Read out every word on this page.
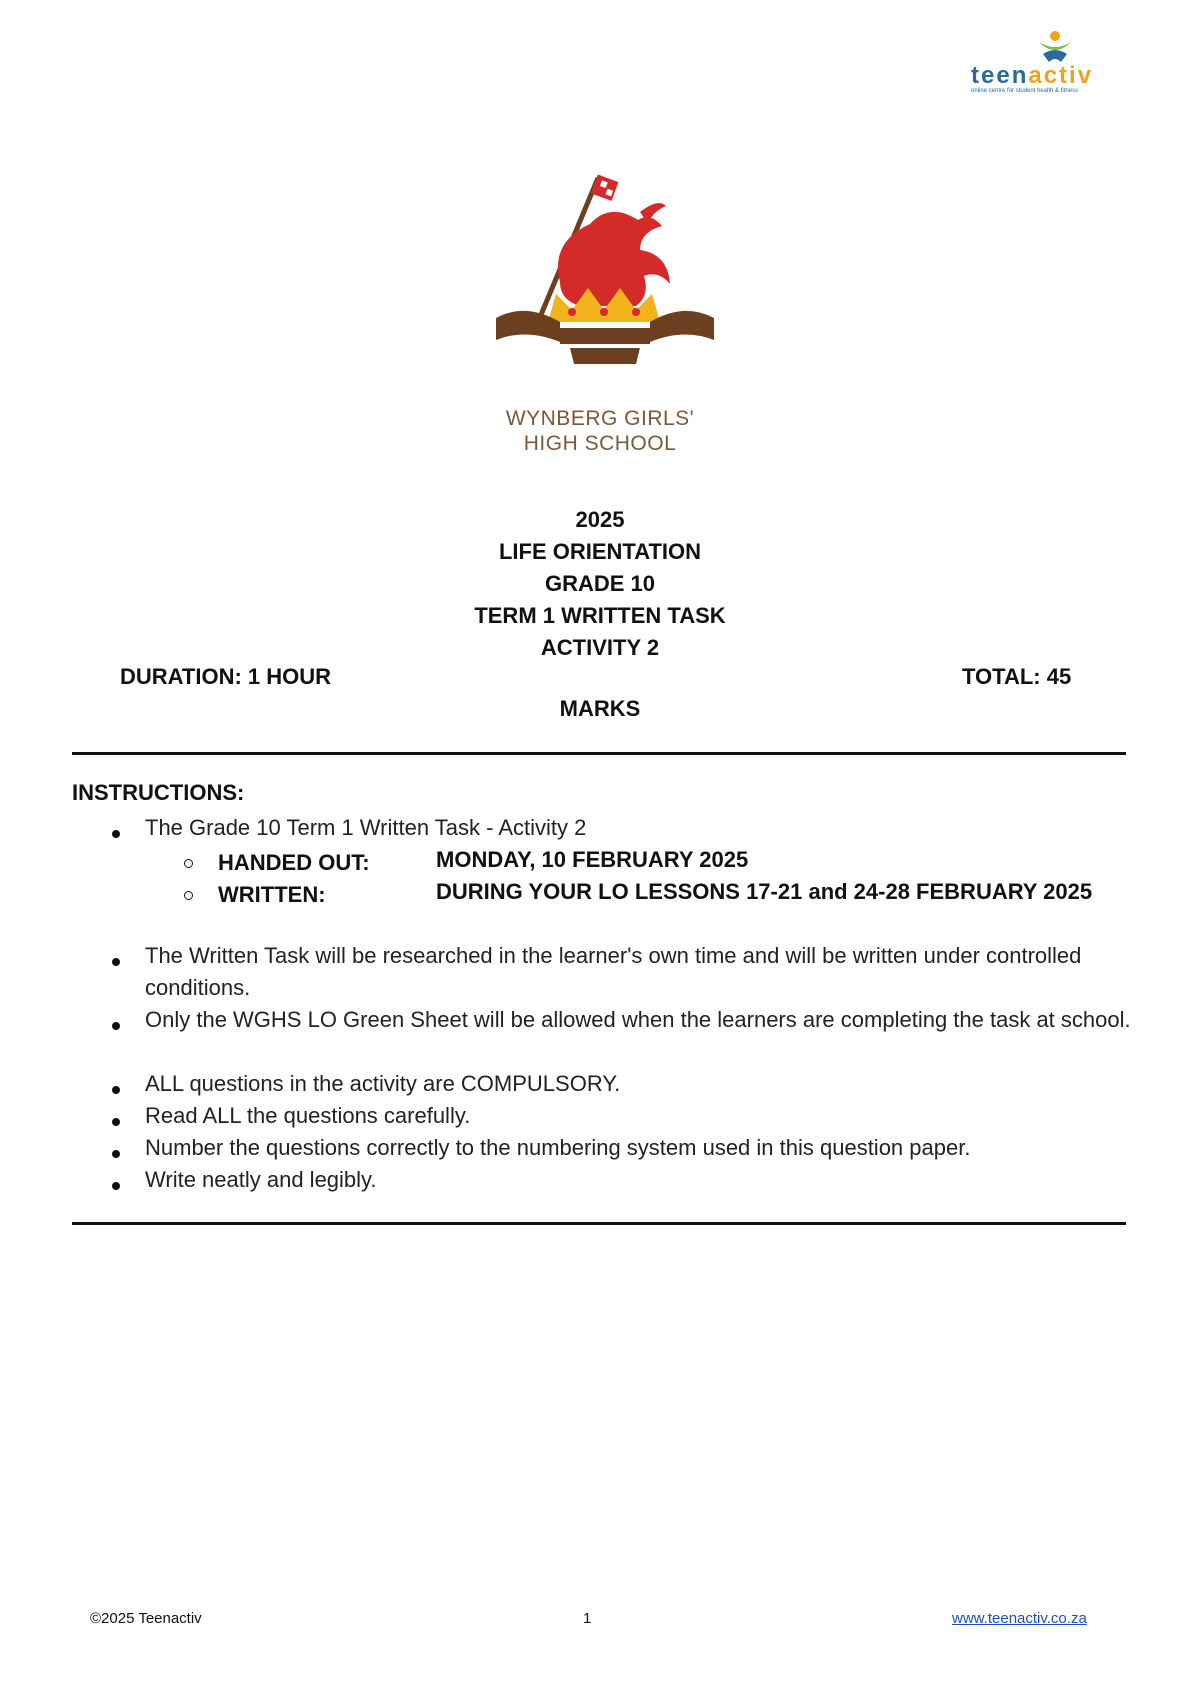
teenactiv
online centre for student health & fitness
WYNBERG GIRLS'
HIGH SCHOOL
2025
LIFE ORIENTATION
GRADE 10
TERM 1 WRITTEN TASK
ACTIVITY 2
DURATION: 1 HOUR	TOTAL: 45
MARKS
INSTRUCTIONS:
The Grade 10 Term 1 Written Task - Activity 2
HANDED OUT:	MONDAY, 10 FEBRUARY 2025
WRITTEN:	DURING YOUR LO LESSONS 17-21 and 24-28 FEBRUARY 2025
The Written Task will be researched in the learner's own time and will be written under controlled conditions.
Only the WGHS LO Green Sheet will be allowed when the learners are completing the task at school.
ALL questions in the activity are COMPULSORY.
Read ALL the questions carefully.
Number the questions correctly to the numbering system used in this question paper.
Write neatly and legibly.
©2025 Teenactiv	1	www.teenactiv.co.za
